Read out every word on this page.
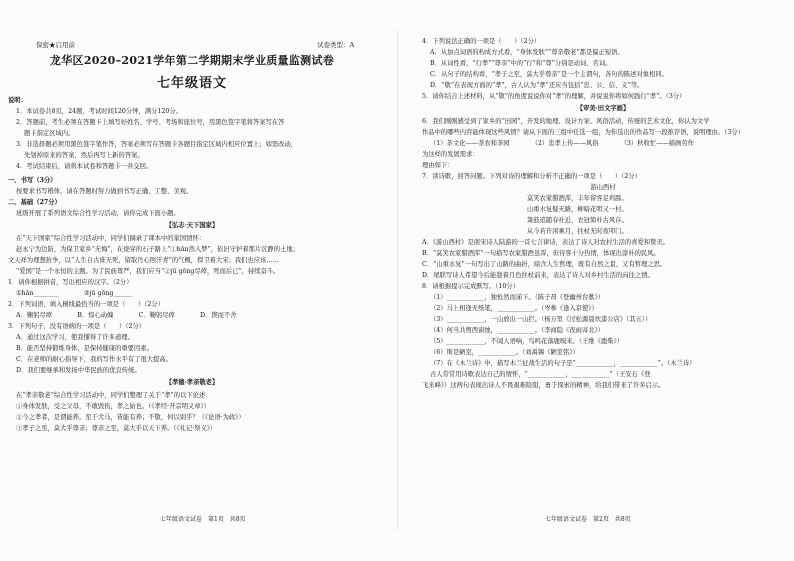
保密★启用前	试卷类型：A
龙华区2020–2021学年第二学期期末学业质量监测试卷
七年级语文
说明：
1．本试卷共8页，24题，考试时间120分钟，满分120分。
2．答题前，考生必须在答题卡上填写好姓名、学号、考场和座位号，用黑色签字笔将答案写在答
题卡指定区域内。
3．非选择题必须用黑色签字笔作答，答案必须写在答题卡各题目指定区域内相应位置上；如需改动，
先划掉原来的答案，然后再写上新的答案。
4．考试结束后，请将本试卷和答题卡一并交回。
一、书写（3分）
按要求书写楷体，请在答题时努力做到书写正确、工整、美观。
二、基础（27分）
班级开展了系列语文综合性学习活动，请你完成下面小题。
【弘志·天下国家】
在“天下国家”综合性学习活动中，同学们摘录了课本中的家国情怀：
赵永宁为边防，为保卫家乡“无悔”，在烧穿的石子路上“①hān然入梦”，依旧守护着那片沉静的土地；
文天祥为理想抗争，以“人生自古谁无死，留取丹心照汗青”的气概，捍卫着大宋；我们也应该……
“爱国”是一个永恒的主题。为了民族尊严，我们应当“②jū gōng尽瘁，死而后已”，持续奋斗。
1．请你根据拼音，写出相应的汉字。（2分）
①hān________　　　　②jū gōng______
2．下列词语，填入横线最恰当的一项是（　　）（2分）
A．鞠躬尽瘁　　　　B．惊心动魄　　　　C．鞠躬尽瘁　　　　D．锲而不舍
3．下列句子，没有语病的一项是（　　）（2分）
A．通过这次学习，使我懂得了许多道理。
B．能否坚持锻炼身体，是保持健康的重要因素。
C．在老师的耐心指导下，我的写作水平有了很大提高。
D．我们要继承和发扬中华民族的优良传统。
【孝德·孝亲敬老】
在“孝亲敬老”综合性学习活动中，同学们整理了关于“孝”的以下论述：
①身体发肤，受之父母，不敢毁伤，孝之始也。（《孝经·开宗明义章》）
②今之孝者，是谓能养。至于犬马，皆能有养；不敬，何以别乎？（《论语·为政》）
③孝子之至，莫大乎尊亲；尊亲之至，莫大乎以天下养。（《礼记·祭义》）
4．下列说法正确的一项是（　　）（2分）
A．从加点词语的构成方式看，“身体发肤”“尊亲敬老”都是偏正短语。
B．从词性看，“行孝”“尊亲”中的“行”和“尊”分别是动词、名词。
C．从句子的结构看，“孝子之至，莫大乎尊亲”是一个主谓句，各句的陈述对象相同。
D．“敬”在表现方面的“孝”，古人认为“孝”还应当包括“忠、公、信、义”等。
5．请你结合上述材料，从“敬”的角度说说你对“孝”的理解，并说说你将如何践行“孝”。（3分）
【审美·田文字画】
6．我们刚刚感受到了家乡的“田园”，开发的地理、设计方案、风俗活动，传统的艺术文化，你认为文学
作品中的哪些内容能体现这些风情？请从下面的三组中任选一组，为你选出的作品写一段推荐语，说明理由。（3分）
（1）茶文化——茶农和茶园　　　　（2）忠孝上传——风俗　　　　（3）秋收忙——描画劳作
为这样的发展需求：
理由如下：
7．读诗歌，回答问题。下列对诗的理解和分析不正确的一项是（　　）（2分）
游山西村
莫笑农家腊酒浑，丰年留客足鸡豚。
山重水复疑无路，柳暗花明又一村。
箫鼓追随春社近，衣冠简朴古风存。
从今若许闲乘月，拄杖无时夜叩门。
A．《游山西村》是南宋诗人陆游的一首七言律诗，表达了诗人对农村生活的喜爱和赞美。
B．“莫笑农家腊酒浑”一句描写农家腊酒虽浑，但待客十分热情，体现出淳朴的民风。
C．“山重水复”一句写出了山路的曲折，暗含人生哲理，既有自然之景，又有哲理之思。
D．尾联写诗人希望今后能趁着月色拄杖前来，表达了诗人对乡村生活的向往之情。
8．请根据提示完成默写。（10分）
（1）____________，独怆然而涕下。（陈子昂《登幽州台歌》）
（2）马上相逢无纸笔，____________。（岑参《逢入京使》）
（3）____________，一山放出一山拦。（杨万里《过松源晨炊漆公店》（其五））
（4）何当共剪西窗烛，____________。（李商隐《夜雨寄北》）
（5）____________，不闻人语响，鸟鸣花落鹿嗅来。（王维《鹿柴》）
（6）斯是陋室，____________。（刘禹锡《陋室铭》）
（7）在《木兰诗》中，描写木兰征战生活的句子是“____________，____________”。（木兰诗）
古人常常用诗歌表达自己的情怀，“____________，____________”（王安石《登
飞来峰》）这两句表现出诗人不畏艰难险阻，勇于探索的精神，给我们带来了许多启示。
七年级语文试卷　第1页　共8页	七年级语文试卷　第2页　共8页
